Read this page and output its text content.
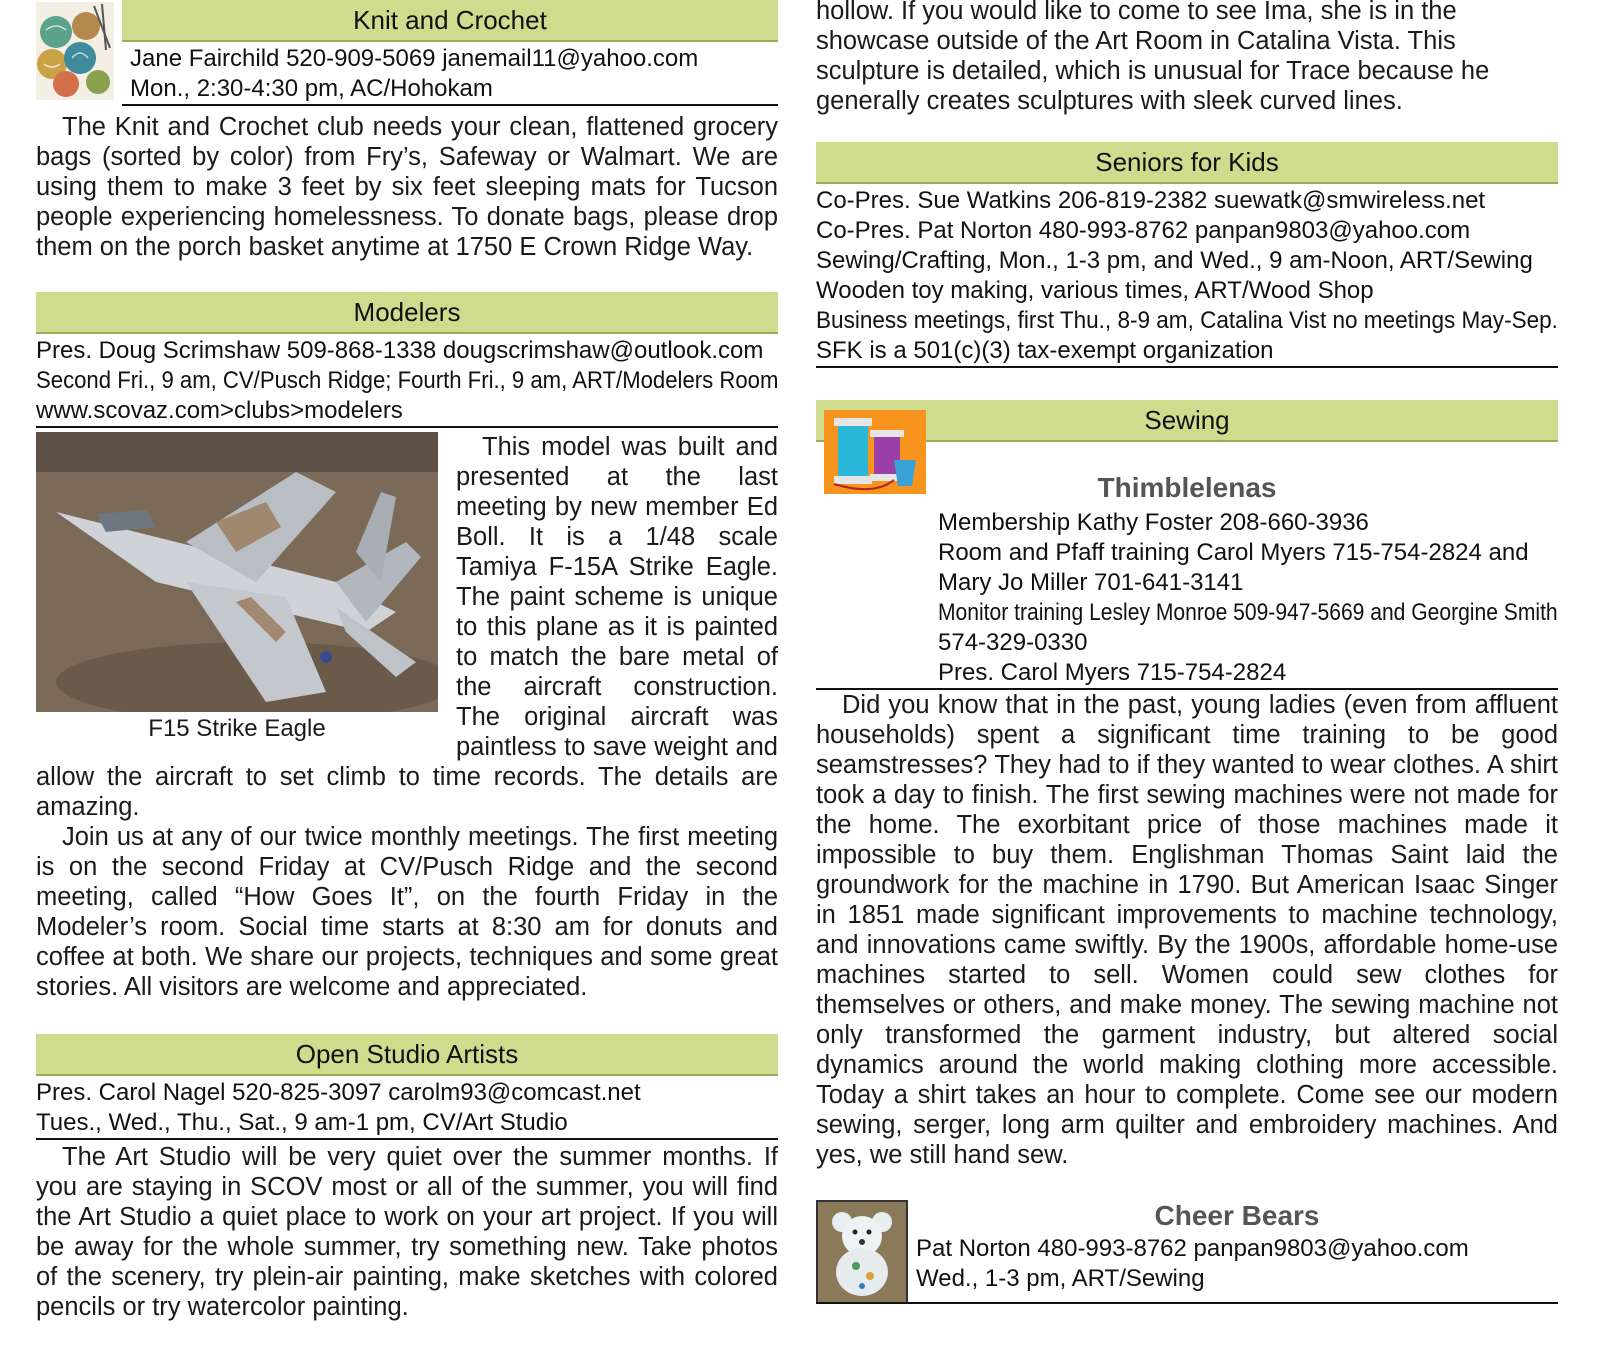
Knit and Crochet
Jane Fairchild 520-909-5069 janemail11@yahoo.com
Mon., 2:30-4:30 pm, AC/Hohokam

The Knit and Crochet club needs your clean, flattened grocery bags (sorted by color) from Fry’s, Safeway or Walmart. We are using them to make 3 feet by six feet sleeping mats for Tucson people experiencing homelessness. To donate bags, please drop them on the porch basket anytime at 1750 E Crown Ridge Way.

Modelers
Pres. Doug Scrimshaw 509-868-1338 dougscrimshaw@outlook.com
Second Fri., 9 am, CV/Pusch Ridge; Fourth Fri., 9 am, ART/Modelers Room
www.scovaz.com>clubs>modelers
F15 Strike Eagle

This model was built and presented at the last meeting by new member Ed Boll. It is a 1/48 scale Tamiya F-15A Strike Eagle. The paint scheme is unique to this plane as it is painted to match the bare metal of the aircraft construction. The original aircraft was paintless to save weight and allow the aircraft to set climb to time records. The details are amazing.

Join us at any of our twice monthly meetings. The first meeting is on the second Friday at CV/Pusch Ridge and the second meeting, called “How Goes It”, on the fourth Friday in the Modeler’s room. Social time starts at 8:30 am for donuts and coffee at both. We share our projects, techniques and some great stories. All visitors are welcome and appreciated.

Open Studio Artists
Pres. Carol Nagel 520-825-3097 carolm93@comcast.net
Tues., Wed., Thu., Sat., 9 am-1 pm, CV/Art Studio

The Art Studio will be very quiet over the summer months. If you are staying in SCOV most or all of the summer, you will find the Art Studio a quiet place to work on your art project. If you will be away for the whole summer, try something new. Take photos of the scenery, try plein-air painting, make sketches with colored pencils or try watercolor painting.

hollow. If you would like to come to see Ima, she is in the
showcase outside of the Art Room in Catalina Vista. This
sculpture is detailed, which is unusual for Trace because he
generally creates sculptures with sleek curved lines.
Seniors for Kids
Co-Pres. Sue Watkins 206-819-2382 suewatk@smwireless.net
Co-Pres. Pat Norton 480-993-8762 panpan9803@yahoo.com
Sewing/Crafting, Mon., 1-3 pm, and Wed., 9 am-Noon, ART/Sewing
Wooden toy making, various times, ART/Wood Shop
Business meetings, first Thu., 8-9 am, Catalina Vist no meetings May-Sep.
SFK is a 501(c)(3) tax-exempt organization
Sewing
Thimblelenas
Membership Kathy Foster 208-660-3936
Room and Pfaff training Carol Myers 715-754-2824 and
Mary Jo Miller 701-641-3141
Monitor training Lesley Monroe 509-947-5669 and Georgine Smith
574-329-0330
Pres. Carol Myers 715-754-2824

Did you know that in the past, young ladies (even from affluent households) spent a significant time training to be good seamstresses? They had to if they wanted to wear clothes. A shirt took a day to finish. The first sewing machines were not made for the home. The exorbitant price of those machines made it impossible to buy them. Englishman Thomas Saint laid the groundwork for the machine in 1790. But American Isaac Singer in 1851 made significant improvements to machine technology, and innovations came swiftly. By the 1900s, affordable home-use machines started to sell. Women could sew clothes for themselves or others, and make money. The sewing machine not only transformed the garment industry, but altered social dynamics around the world making clothing more accessible. Today a shirt takes an hour to complete. Come see our modern sewing, serger, long arm quilter and embroidery machines. And yes, we still hand sew.

Cheer Bears
Pat Norton 480-993-8762 panpan9803@yahoo.com
Wed., 1-3 pm, ART/Sewing
